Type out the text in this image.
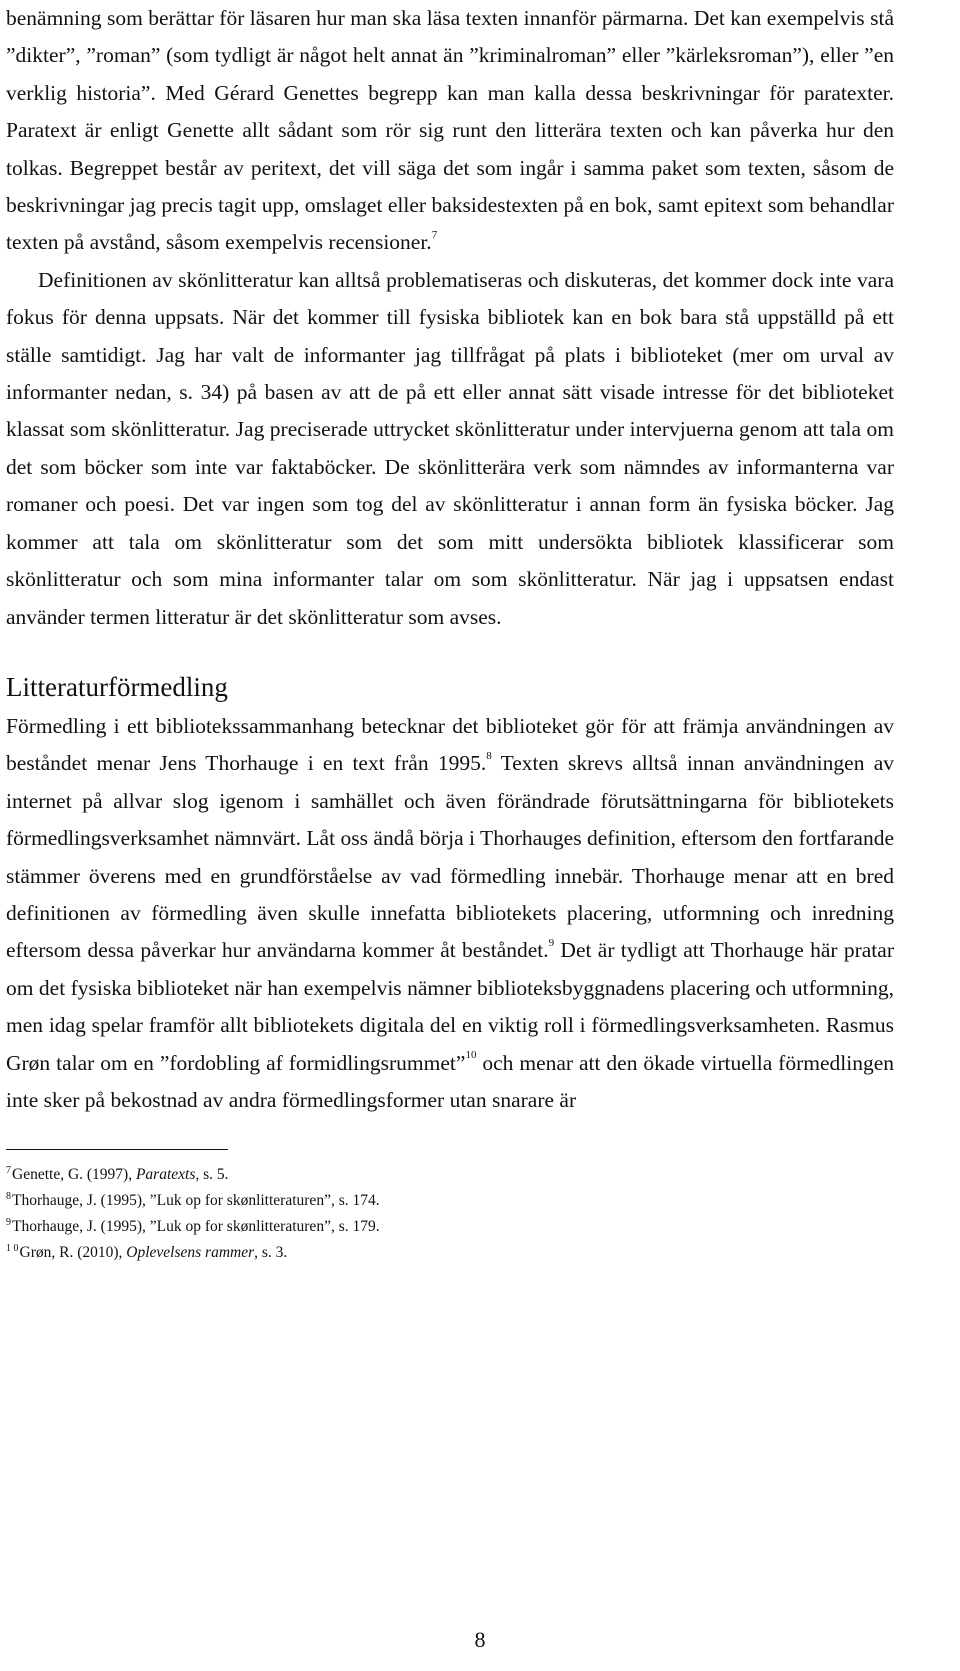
benämning som berättar för läsaren hur man ska läsa texten innanför pärmarna. Det kan exempelvis stå ”dikter”, ”roman” (som tydligt är något helt annat än ”kriminalroman” eller ”kärleksroman”), eller ”en verklig historia”. Med Gérard Genettes begrepp kan man kalla dessa beskrivningar för paratexter. Paratext är enligt Genette allt sådant som rör sig runt den litterära texten och kan påverka hur den tolkas. Begreppet består av peritext, det vill säga det som ingår i samma paket som texten, såsom de beskrivningar jag precis tagit upp, omslaget eller baksidestexten på en bok, samt epitext som behandlar texten på avstånd, såsom exempelvis recensioner.$^7$

Definitionen av skönlitteratur kan alltså problematiseras och diskuteras, det kommer dock inte vara fokus för denna uppsats. När det kommer till fysiska bibliotek kan en bok bara stå uppställd på ett ställe samtidigt. Jag har valt de informanter jag tillfrågat på plats i biblioteket (mer om urval av informanter nedan, s. 34) på basen av att de på ett eller annat sätt visade intresse för det biblioteket klassat som skönlitteratur. Jag preciserade uttrycket skönlitteratur under intervjuerna genom att tala om det som böcker som inte var faktaböcker. De skönlitterära verk som nämndes av informanterna var romaner och poesi. Det var ingen som tog del av skönlitteratur i annan form än fysiska böcker. Jag kommer att tala om skönlitteratur som det som mitt undersökta bibliotek klassificerar som skönlitteratur och som mina informanter talar om som skönlitteratur. När jag i uppsatsen endast använder termen litteratur är det skönlitteratur som avses.

Litteraturförmedling

Förmedling i ett bibliotekssammanhang betecknar det biblioteket gör för att främja användningen av beståndet menar Jens Thorhauge i en text från 1995.$^8$ Texten skrevs alltså innan användningen av internet på allvar slog igenom i samhället och även förändrade förutsättningarna för bibliotekets förmedlingsverksamhet nämnvärt. Låt oss ändå börja i Thorhauges definition, eftersom den fortfarande stämmer överens med en grundförståelse av vad förmedling innebär. Thorhauge menar att en bred definitionen av förmedling även skulle innefatta bibliotekets placering, utformning och inredning eftersom dessa påverkar hur användarna kommer åt beståndet.$^9$ Det är tydligt att Thorhauge här pratar om det fysiska biblioteket när han exempelvis nämner biblioteksbyggnadens placering och utformning, men idag spelar framför allt bibliotekets digitala del en viktig roll i förmedlingsverksamheten. Rasmus Grøn talar om en ”fordobling af formidlingsrummet”$^{10}$ och menar att den ökade virtuella förmedlingen inte sker på bekostnad av andra förmedlingsformer utan snarare är

$^7$Genette, G. (1997), Paratexts, s. 5.

$^8$Thorhauge, J. (1995), ”Luk op for skønlitteraturen”, s. 174.

$^9$Thorhauge, J. (1995), ”Luk op for skønlitteraturen”, s. 179.

$^{1 0}$Grøn, R. (2010), Oplevelsens rammer, s. 3.

8
